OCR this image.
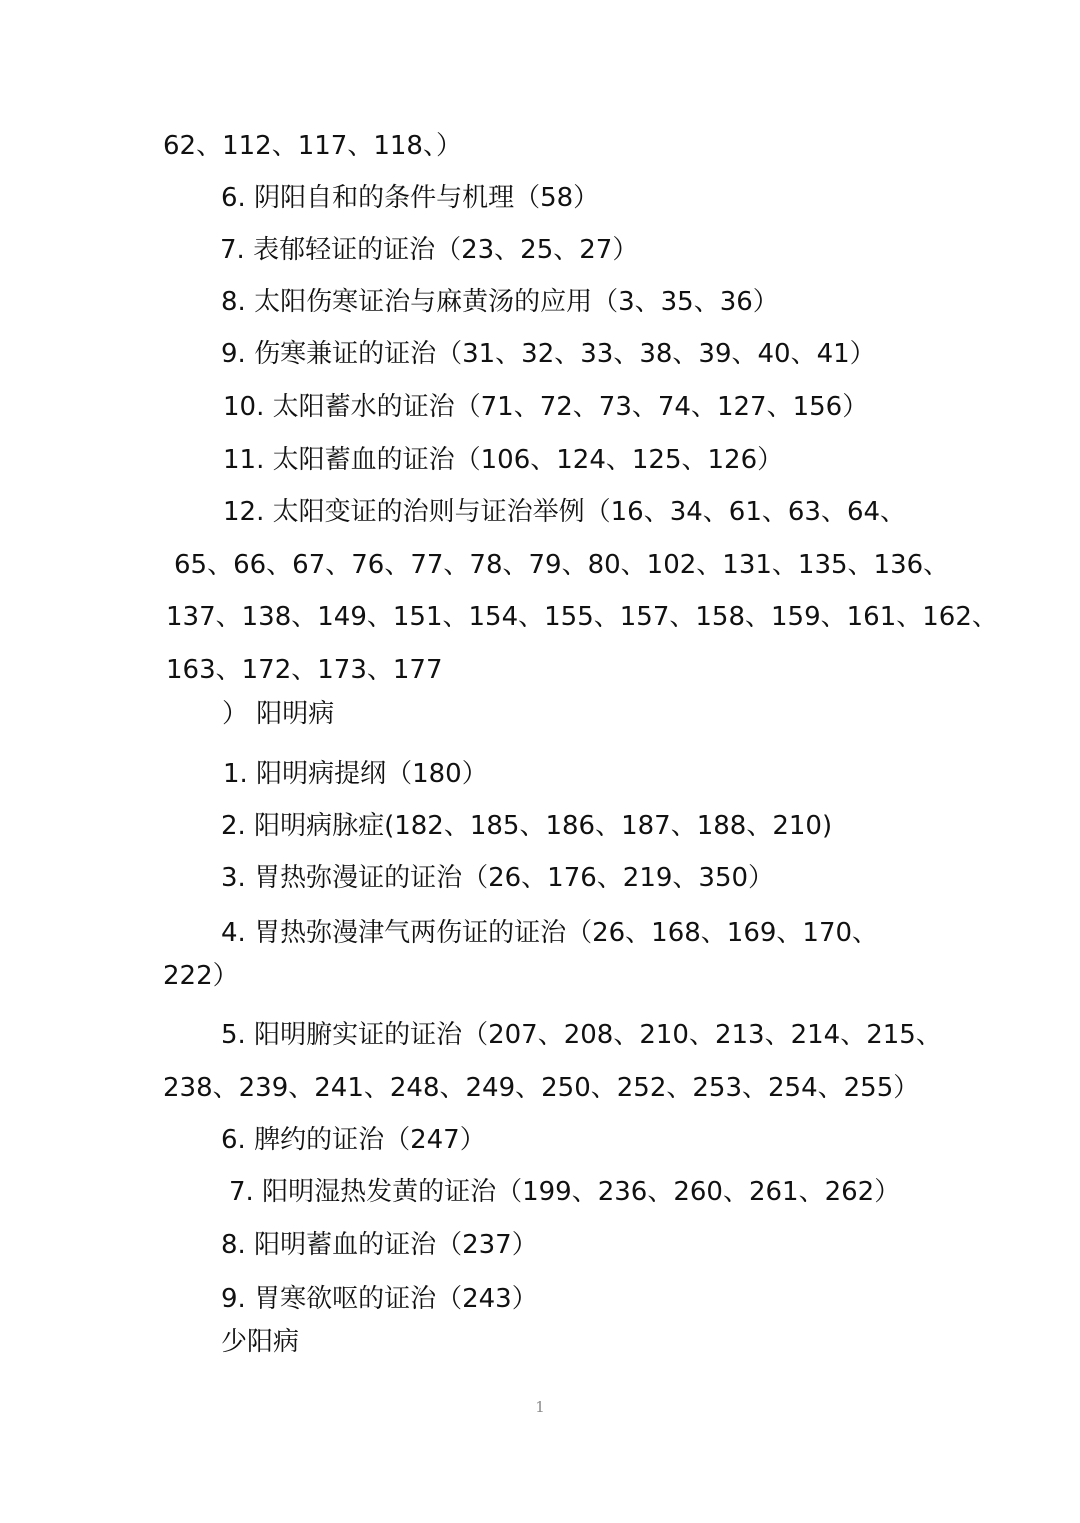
62、112、117、118、）
6. 阴阳自和的条件与机理（58）
7. 表郁轻证的证治（23、25、27）
8. 太阳伤寒证治与麻黄汤的应用（3、35、36）
9. 伤寒兼证的证治（31、32、33、38、39、40、41）
10. 太阳蓄水的证治（71、72、73、74、127、156）
11. 太阳蓄血的证治（106、124、125、126）
12. 太阳变证的治则与证治举例（16、34、61、63、64、
65、66、67、76、77、78、79、80、102、131、135、136、
137、138、149、151、154、155、157、158、159、161、162、
163、172、173、177
） 阳明病
1. 阳明病提纲（180）
2. 阳明病脉症(182、185、186、187、188、210)
3. 胃热弥漫证的证治（26、176、219、350）
4. 胃热弥漫津气两伤证的证治（26、168、169、170、
222）
5. 阳明腑实证的证治（207、208、210、213、214、215、
238、239、241、248、249、250、252、253、254、255）
6. 脾约的证治（247）
7. 阳明湿热发黄的证治（199、236、260、261、262）
8. 阳明蓄血的证治（237）
9. 胃寒欲呕的证治（243）
少阳病
1
